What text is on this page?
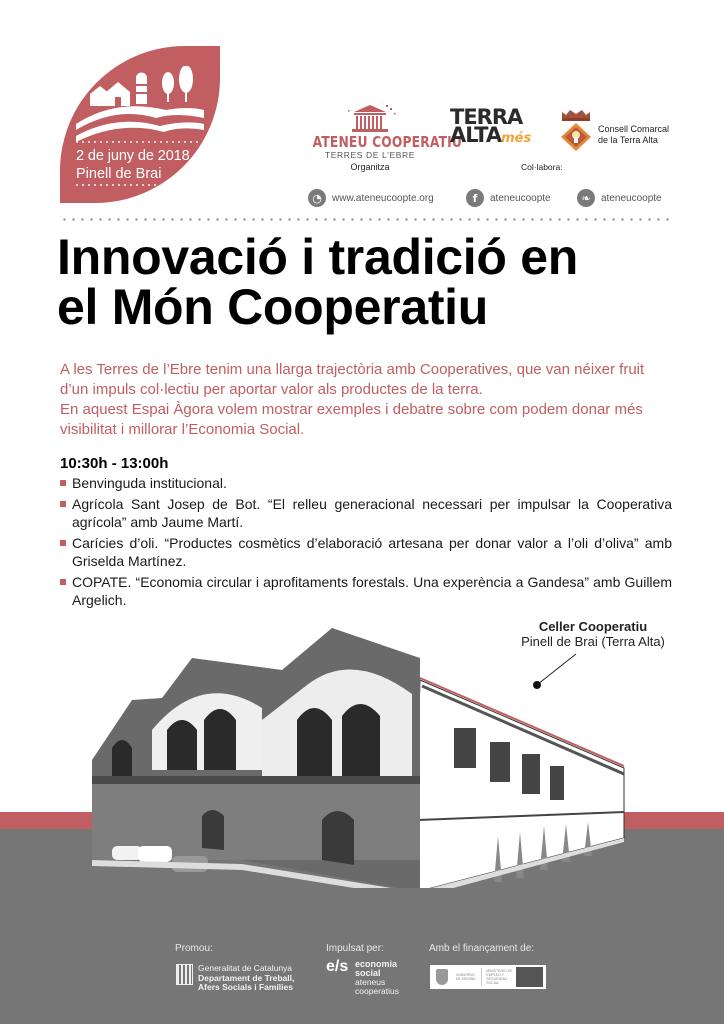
2 de juny de 2018
Pinell de Brai
ATENEU COOPERATIU
TERRES DE L'EBRE
Organitza
TERRA
ALTAmés
Col·labora:
Consell Comarcal
de la Terra Alta
◔	www.ateneucoopte.org	f	ateneucoopte	❧	ateneucoopte
Innovació i tradició en
el Món Cooperatiu

A les Terres de l’Ebre tenim una llarga trajectòria amb Cooperatives, que van néixer fruit d’un impuls col·lectiu per aportar valor als productes de la terra.

En aquest Espai Àgora volem mostrar exemples i debatre sobre com podem donar més visibilitat i millorar l’Economia Social.

10:30h - 13:00h
Benvinguda institucional.
Agrícola Sant Josep de Bot. “El relleu generacional necessari per impulsar la Cooperativa agrícola” amb Jaume Martí.
Carícies d’oli. “Productes cosmètics d’elaboració artesana per donar valor a l’oli d’oliva” amb Griselda Martínez.
COPATE. “Economia circular i aprofitaments forestals. Una experència a Gandesa” amb Guillem Argelich.
Celler Cooperatiu
Pinell de Brai (Terra Alta)
Promou:
Generalitat de Catalunya
Departament de Treball,
Afers Socials i Famílies
Impulsat per:
e/s economia
social
ateneus
cooperatius
Amb el finançament de:
GOBIERNO DE ESPAÑA
MINISTERIO DE EMPLEO Y SEGURIDAD SOCIAL
